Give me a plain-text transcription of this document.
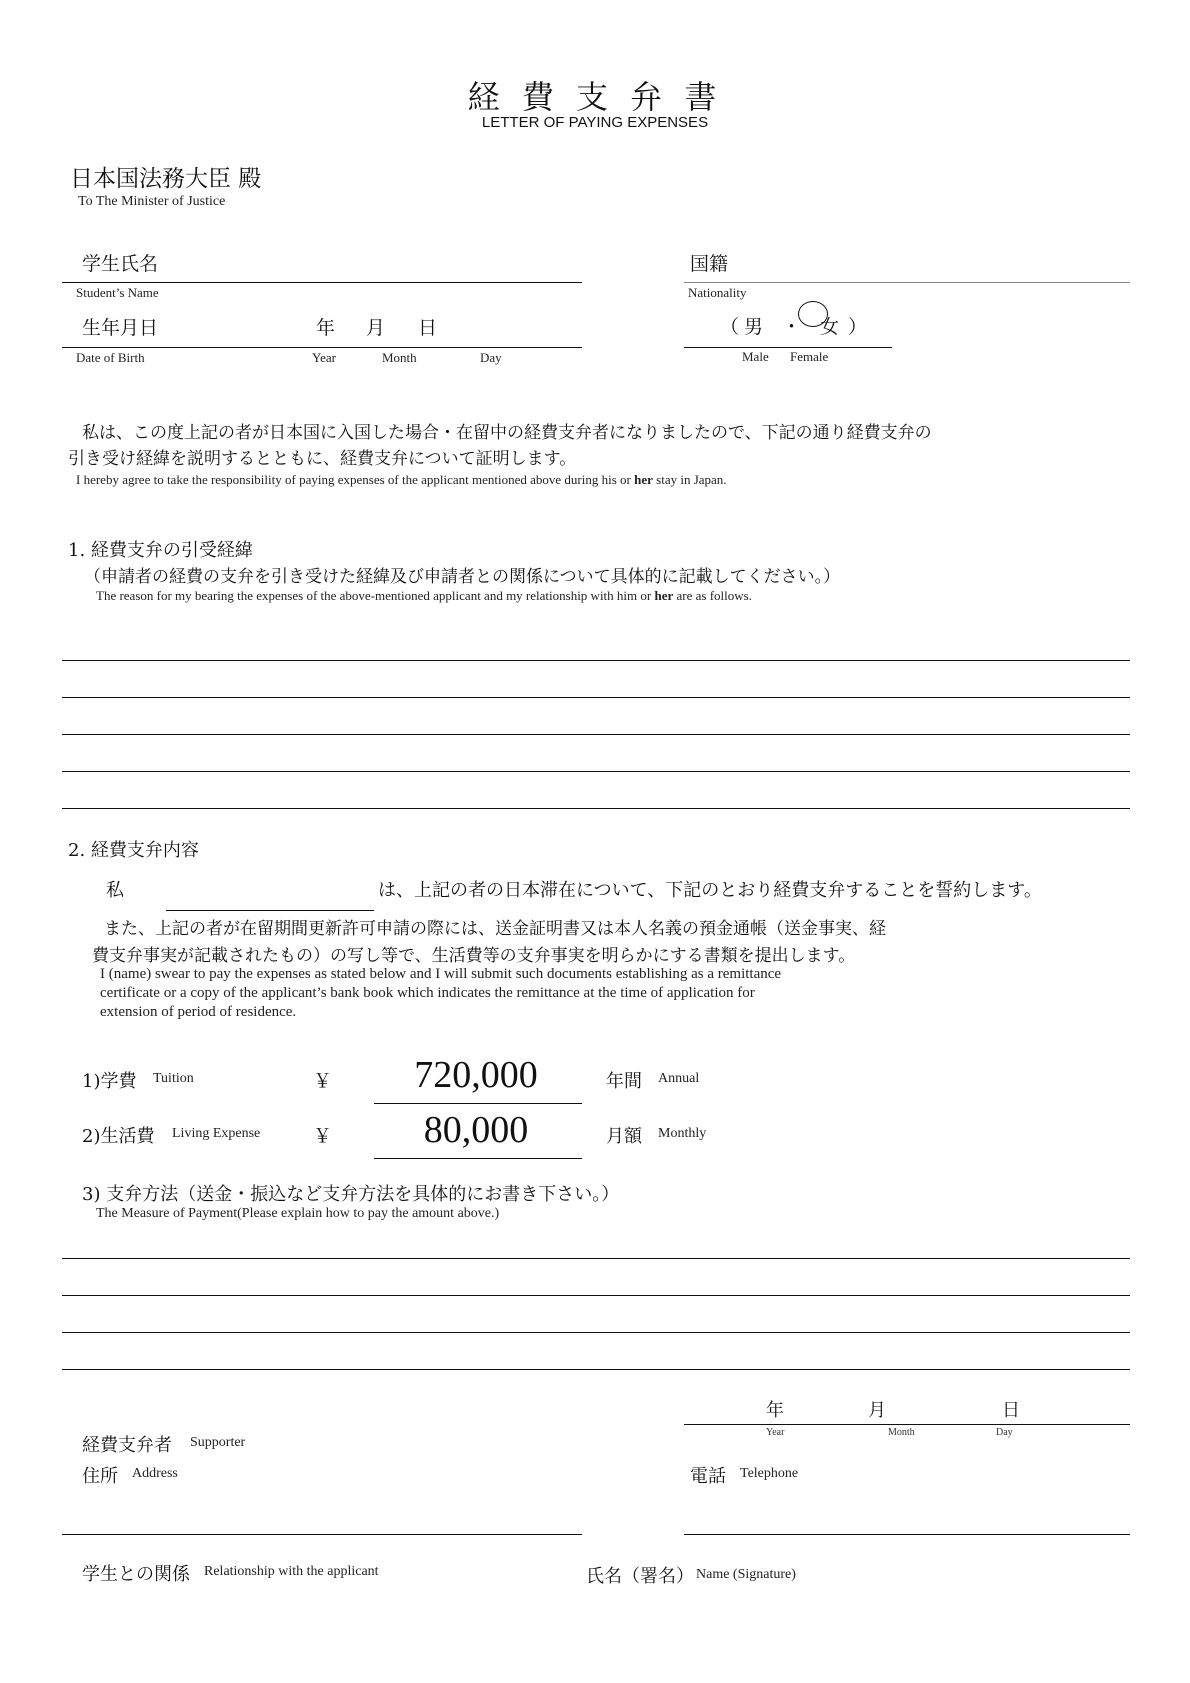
経 費 支 弁 書
LETTER OF PAYING EXPENSES
日本国法務大臣 殿
To The Minister of Justice
学生氏名
Student’s Name
国籍
Nationality
生年月日	年 月 日
Date of Birth	Year	Month	Day
（ 男 ・ 女 ）
Male Female
私は、この度上記の者が日本国に入国した場合・在留中の経費支弁者になりましたので、下記の通り経費支弁の
引き受け経緯を説明するとともに、経費支弁について証明します。
I hereby agree to take the responsibility of paying expenses of the applicant mentioned above during his or her stay in Japan.
1. 経費支弁の引受経緯
（申請者の経費の支弁を引き受けた経緯及び申請者との関係について具体的に記載してください。）
The reason for my bearing the expenses of the above-mentioned applicant and my relationship with him or her are as follows.
2. 経費支弁内容
私	は、上記の者の日本滞在について、下記のとおり経費支弁することを誓約します。
また、上記の者が在留期間更新許可申請の際には、送金証明書又は本人名義の預金通帳（送金事実、経
費支弁事実が記載されたもの）の写し等で、生活費等の支弁事実を明らかにする書類を提出します。
I (name) swear to pay the expenses as stated below and I will submit such documents establishing as a remittance
certificate or a copy of the applicant’s bank book which indicates the remittance at the time of application for
extension of period of residence.
1)学費 Tuition	￥	720,000	年間 Annual
2)生活費 Living Expense	￥	80,000	月額 Monthly
3) 支弁方法（送金・振込など支弁方法を具体的にお書き下さい。）
The Measure of Payment(Please explain how to pay the amount above.)
年	月	日
Year	Month	Day
経費支弁者 Supporter
住所 Address	電話 Telephone
学生との関係 Relationship with the applicant	氏名（署名） Name (Signature)
